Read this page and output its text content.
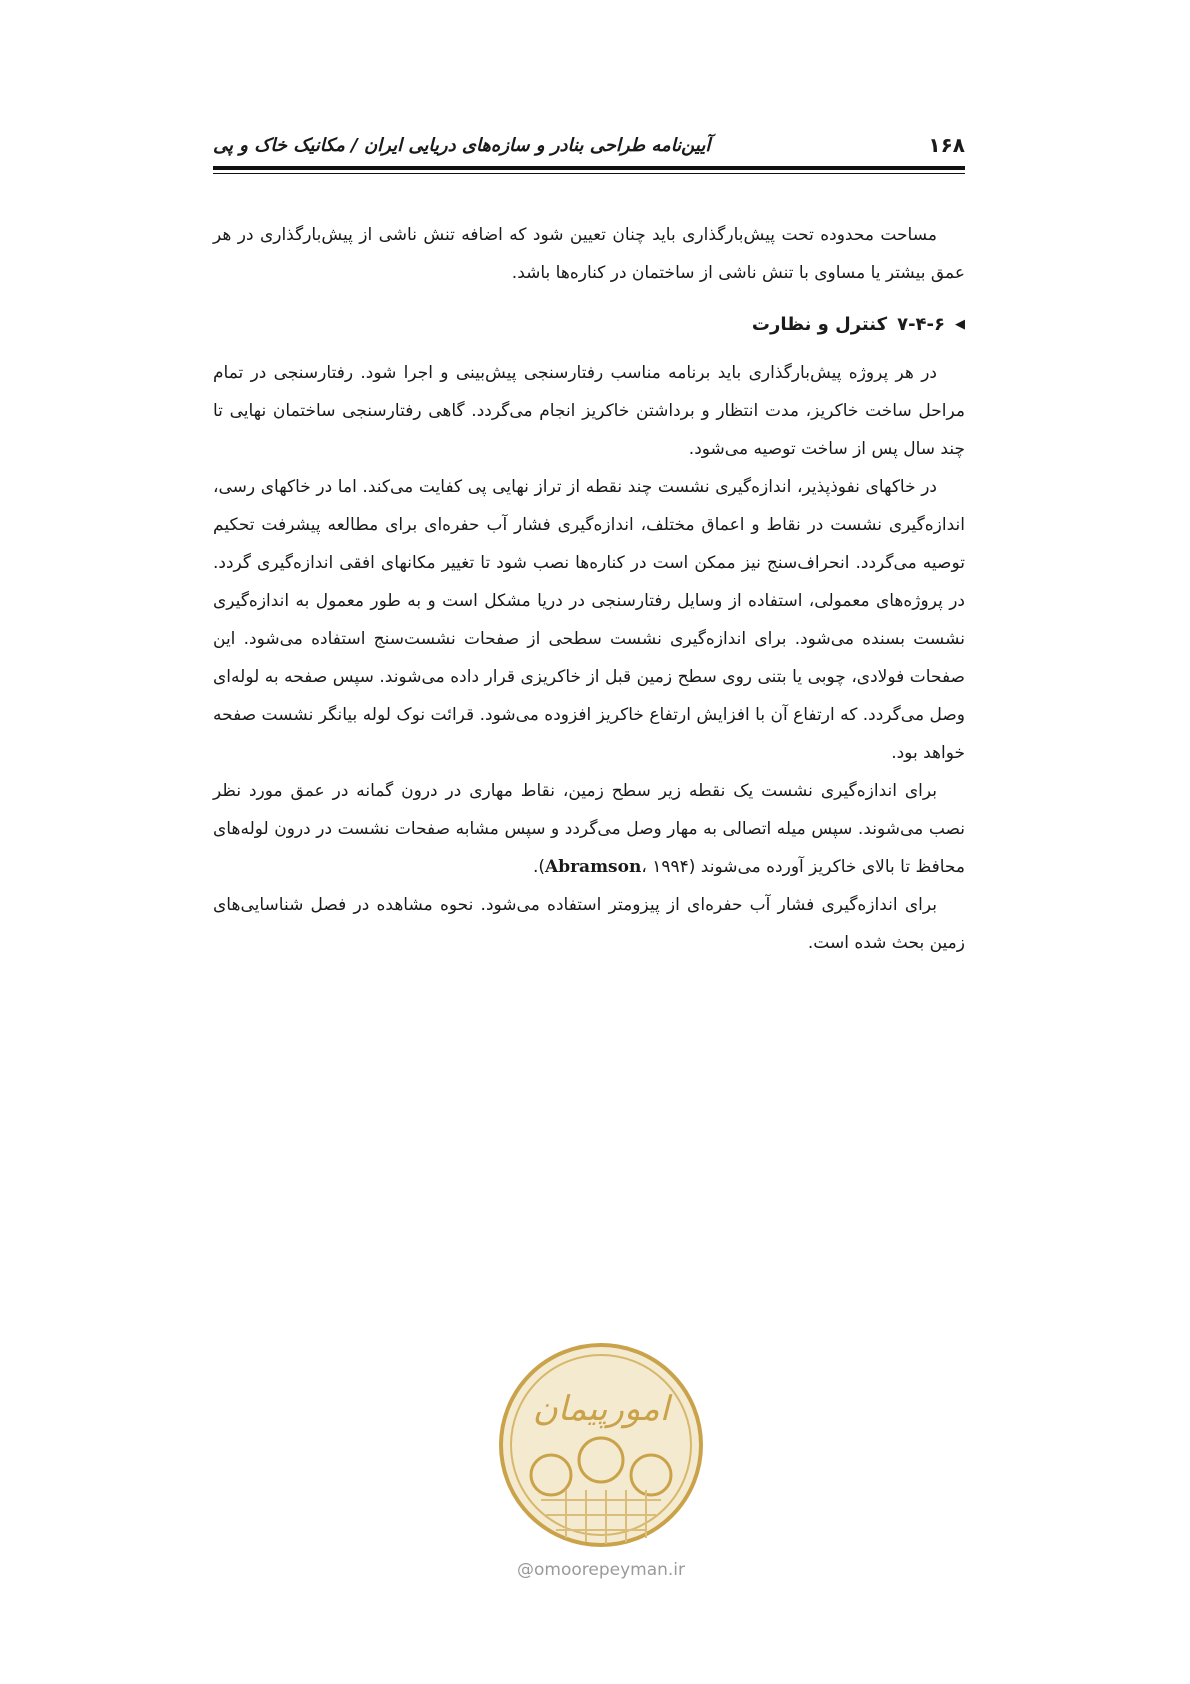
۱۶۸
آیین‌نامه طراحی بنادر و سازه‌های دریایی ایران / مکانیک خاک و پی

مساحت محدوده تحت پیش‌بارگذاری باید چنان تعیین شود که اضافه تنش ناشی از پیش‌بارگذاری در هر عمق بیشتر یا مساوی با تنش ناشی از ساختمان در کناره‌ها باشد.

◀
۷-۴-۶
کنترل و نظارت

در هر پروژه پیش‌بارگذاری باید برنامه مناسب رفتارسنجی پیش‌بینی و اجرا شود. رفتارسنجی در تمام مراحل ساخت خاکریز، مدت انتظار و برداشتن خاکریز انجام می‌گردد. گاهی رفتارسنجی ساختمان نهایی تا چند سال پس از ساخت توصیه می‌شود.

در خاکهای نفوذپذیر، اندازه‌گیری نشست چند نقطه از تراز نهایی پی کفایت می‌کند. اما در خاکهای رسی، اندازه‌گیری نشست در نقاط و اعماق مختلف، اندازه‌گیری فشار آب حفره‌ای برای مطالعه پیشرفت تحکیم توصیه می‌گردد. انحراف‌سنج نیز ممکن است در کناره‌ها نصب شود تا تغییر مکانهای افقی اندازه‌گیری گردد. در پروژه‌های معمولی، استفاده از وسایل رفتارسنجی در دریا مشکل است و به طور معمول به اندازه‌گیری نشست بسنده می‌شود. برای اندازه‌گیری نشست سطحی از صفحات نشست‌سنج استفاده می‌شود. این صفحات فولادی، چوبی یا بتنی روی سطح زمین قبل از خاکریزی قرار داده می‌شوند. سپس صفحه به لوله‌ای وصل می‌گردد. که ارتفاع آن با افزایش ارتفاع خاکریز افزوده می‌شود. قرائت نوک لوله بیانگر نشست صفحه خواهد بود.

برای اندازه‌گیری نشست یک نقطه زیر سطح زمین، نقاط مهاری در درون گمانه در عمق مورد نظر نصب می‌شوند. سپس میله اتصالی به مهار وصل می‌گردد و سپس مشابه صفحات نشست در درون لوله‌های محافظ تا بالای خاکریز آورده می‌شوند (Abramson، ۱۹۹۴).

برای اندازه‌گیری فشار آب حفره‌ای از پیزومتر استفاده می‌شود. نحوه مشاهده در فصل شناسایی‌های زمین بحث شده است.

امورپیمان
@omoorepeyman.ir
